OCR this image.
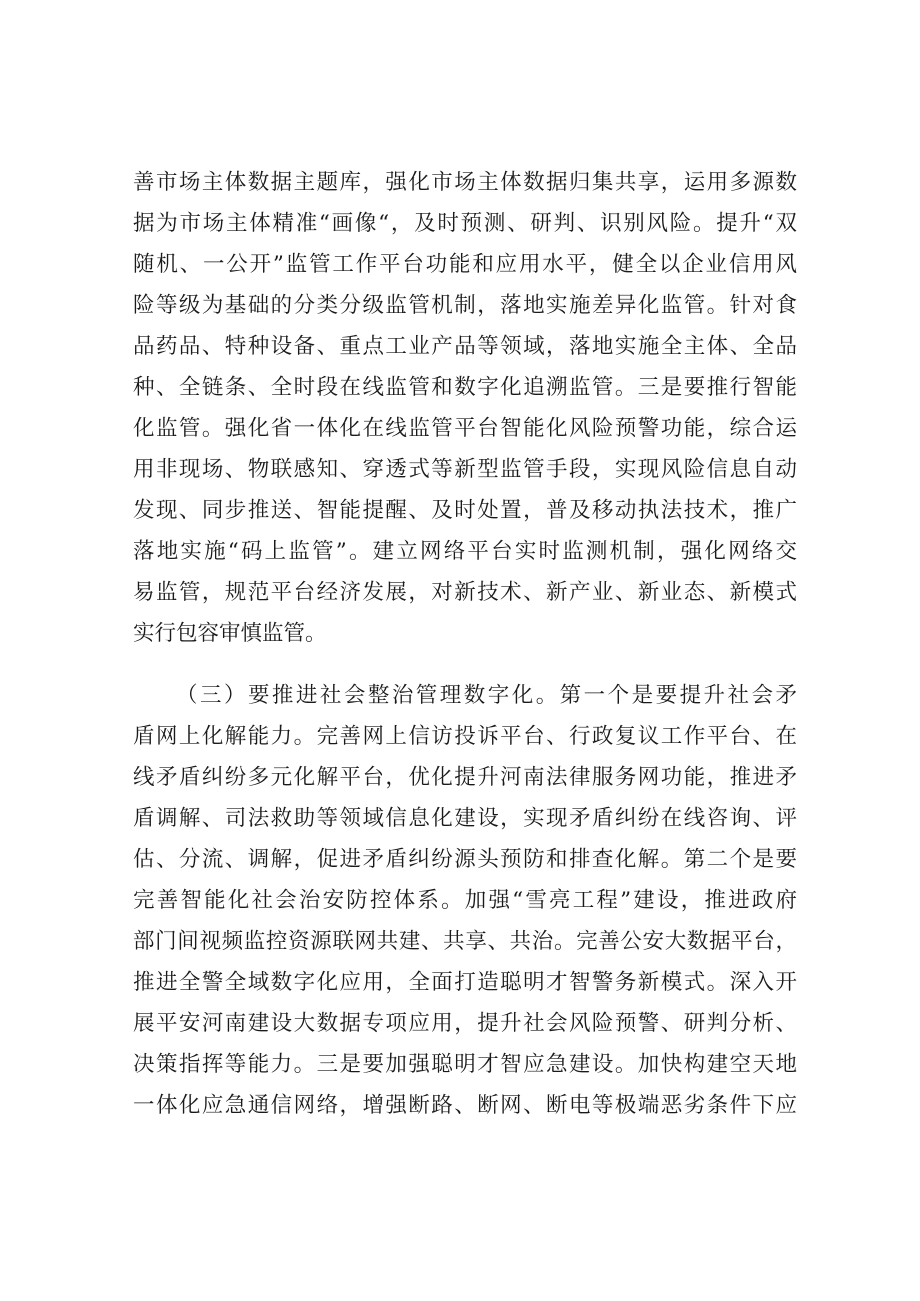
善市场主体数据主题库，强化市场主体数据归集共享，运用多源数
据为市场主体精准“画像“，及时预测、研判、识别风险。提升“双
随机、一公开”监管工作平台功能和应用水平，健全以企业信用风
险等级为基础的分类分级监管机制，落地实施差异化监管。针对食
品药品、特种设备、重点工业产品等领域，落地实施全主体、全品
种、全链条、全时段在线监管和数字化追溯监管。三是要推行智能
化监管。强化省一体化在线监管平台智能化风险预警功能，综合运
用非现场、物联感知、穿透式等新型监管手段，实现风险信息自动
发现、同步推送、智能提醒、及时处置，普及移动执法技术，推广
落地实施“码上监管”。建立网络平台实时监测机制，强化网络交
易监管，规范平台经济发展，对新技术、新产业、新业态、新模式
实行包容审慎监管。
（三）要推进社会整治管理数字化。第一个是要提升社会矛
盾网上化解能力。完善网上信访投诉平台、行政复议工作平台、在
线矛盾纠纷多元化解平台，优化提升河南法律服务网功能，推进矛
盾调解、司法救助等领域信息化建设，实现矛盾纠纷在线咨询、评
估、分流、调解，促进矛盾纠纷源头预防和排查化解。第二个是要
完善智能化社会治安防控体系。加强“雪亮工程”建设，推进政府
部门间视频监控资源联网共建、共享、共治。完善公安大数据平台，
推进全警全域数字化应用，全面打造聪明才智警务新模式。深入开
展平安河南建设大数据专项应用，提升社会风险预警、研判分析、
决策指挥等能力。三是要加强聪明才智应急建设。加快构建空天地
一体化应急通信网络，增强断路、断网、断电等极端恶劣条件下应
